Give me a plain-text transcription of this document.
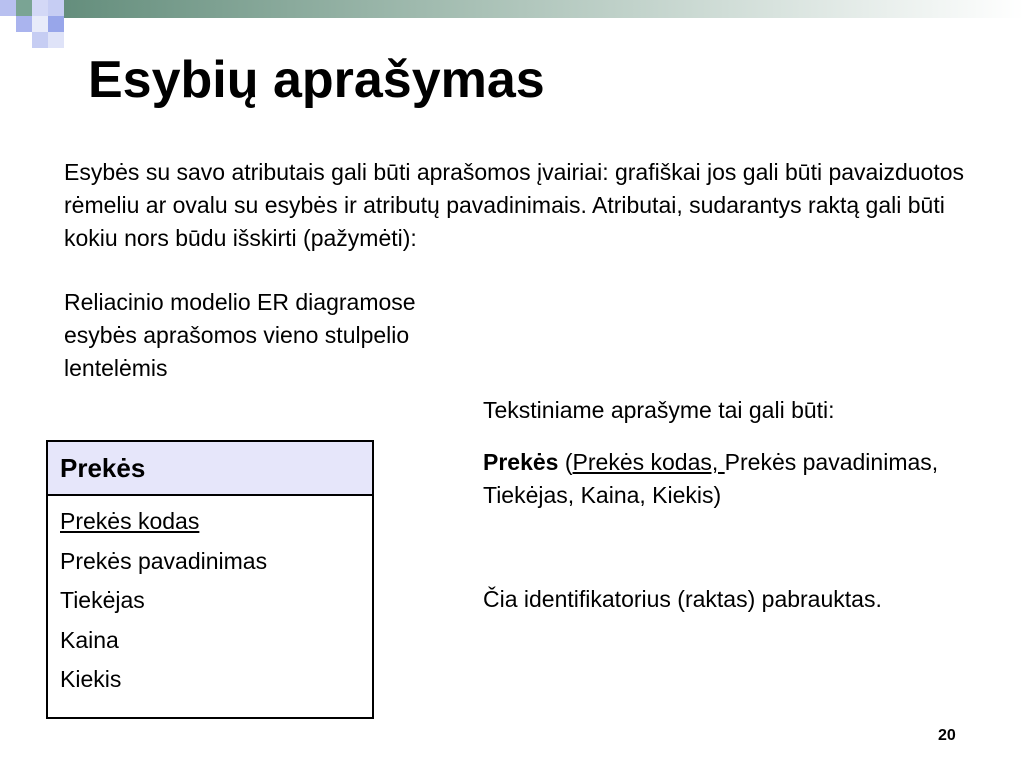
Esybių aprašymas

Esybės su savo atributais gali būti aprašomos įvairiai: grafiškai jos gali būti pavaizduotos rėmeliu ar ovalu su esybės ir atributų pavadinimais. Atributai, sudarantys raktą gali būti kokiu nors būdu išskirti (pažymėti):

Reliacinio modelio ER diagramose esybės aprašomos vieno stulpelio lentelėmis

Prekės
Prekės kodas
Prekės pavadinimas
Tiekėjas
Kaina
Kiekis

Tekstiniame aprašyme tai gali būti:

Prekės (Prekės kodas, Prekės pavadinimas, Tiekėjas, Kaina, Kiekis)

Čia identifikatorius (raktas) pabrauktas.

20
